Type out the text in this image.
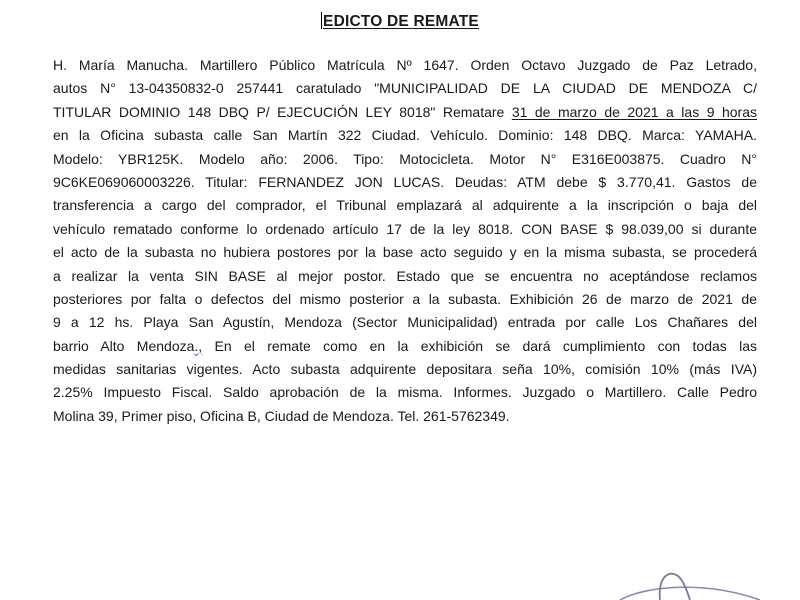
EDICTO DE REMATE
H. María Manucha. Martillero Público Matrícula Nº 1647. Orden Octavo Juzgado de Paz Letrado,
autos N° 13-04350832-0 257441 caratulado "MUNICIPALIDAD DE LA CIUDAD DE MENDOZA C/
TITULAR DOMINIO 148 DBQ P/ EJECUCIÓN LEY 8018" Rematare 31 de marzo de 2021 a las 9 horas
en la Oficina subasta calle San Martín 322 Ciudad. Vehículo. Dominio: 148 DBQ. Marca: YAMAHA.
Modelo: YBR125K. Modelo año: 2006. Tipo: Motocicleta. Motor N° E316E003875. Cuadro N°
9C6KE069060003226. Titular: FERNANDEZ JON LUCAS. Deudas: ATM debe $ 3.770,41. Gastos de
transferencia a cargo del comprador, el Tribunal emplazará al adquirente a la inscripción o baja del
vehículo rematado conforme lo ordenado artículo 17 de la ley 8018. CON BASE $ 98.039,00 si durante
el acto de la subasta no hubiera postores por la base acto seguido y en la misma subasta, se procederá
a realizar la venta SIN BASE al mejor postor. Estado que se encuentra no aceptándose reclamos
posteriores por falta o defectos del mismo posterior a la subasta. Exhibición 26 de marzo de 2021 de
9 a 12 hs. Playa San Agustín, Mendoza (Sector Municipalidad) entrada por calle Los Chañares del
barrio Alto Mendoza., En el remate como en la exhibición se dará cumplimiento con todas las
medidas sanitarias vigentes. Acto subasta adquirente depositara seña 10%, comisión 10% (más IVA)
2.25% Impuesto Fiscal. Saldo aprobación de la misma. Informes. Juzgado o Martillero. Calle Pedro
Molina 39, Primer piso, Oficina B, Ciudad de Mendoza. Tel. 261-5762349.
